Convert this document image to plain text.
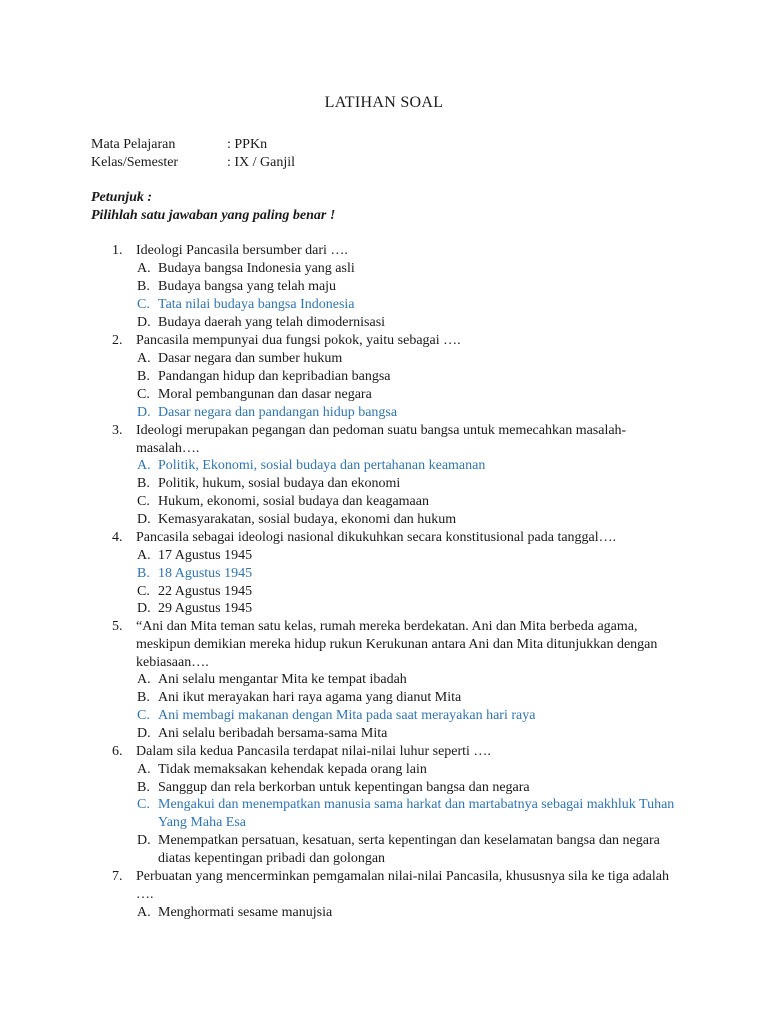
LATIHAN SOAL
Mata Pelajaran	: PPKn
Kelas/Semester	: IX / Ganjil
Petunjuk :
Pilihlah satu jawaban yang paling benar !
1. Ideologi Pancasila bersumber dari ….
A. Budaya bangsa Indonesia yang asli
B. Budaya bangsa yang telah maju
C. Tata nilai budaya bangsa Indonesia
D. Budaya daerah yang telah dimodernisasi
2. Pancasila mempunyai dua fungsi pokok, yaitu sebagai ….
A. Dasar negara dan sumber hukum
B. Pandangan hidup dan kepribadian bangsa
C. Moral pembangunan dan dasar negara
D. Dasar negara dan pandangan hidup bangsa
3. Ideologi merupakan pegangan dan pedoman suatu bangsa untuk memecahkan masalah-masalah….
A. Politik, Ekonomi, sosial budaya dan pertahanan keamanan
B. Politik, hukum, sosial budaya dan ekonomi
C. Hukum, ekonomi, sosial budaya dan keagamaan
D. Kemasyarakatan, sosial budaya, ekonomi dan hukum
4. Pancasila sebagai ideologi nasional dikukuhkan secara konstitusional pada tanggal….
A. 17 Agustus 1945
B. 18 Agustus 1945
C. 22 Agustus 1945
D. 29 Agustus 1945
5. “Ani dan Mita teman satu kelas, rumah mereka berdekatan. Ani dan Mita berbeda agama, meskipun demikian mereka hidup rukun Kerukunan antara Ani dan Mita ditunjukkan dengan kebiasaan….
A. Ani selalu mengantar Mita ke tempat ibadah
B. Ani ikut merayakan hari raya agama yang dianut Mita
C. Ani membagi makanan dengan Mita pada saat merayakan hari raya
D. Ani selalu beribadah bersama-sama Mita
6. Dalam sila kedua Pancasila terdapat nilai-nilai luhur seperti ….
A. Tidak memaksakan kehendak kepada orang lain
B. Sanggup dan rela berkorban untuk kepentingan bangsa dan negara
C. Mengakui dan menempatkan manusia sama harkat dan martabatnya sebagai makhluk Tuhan Yang Maha Esa
D. Menempatkan persatuan, kesatuan, serta kepentingan dan keselamatan bangsa dan negara diatas kepentingan pribadi dan golongan
7. Perbuatan yang mencerminkan pemgamalan nilai-nilai Pancasila, khususnya sila ke tiga adalah ….
A. Menghormati sesame manujsia
